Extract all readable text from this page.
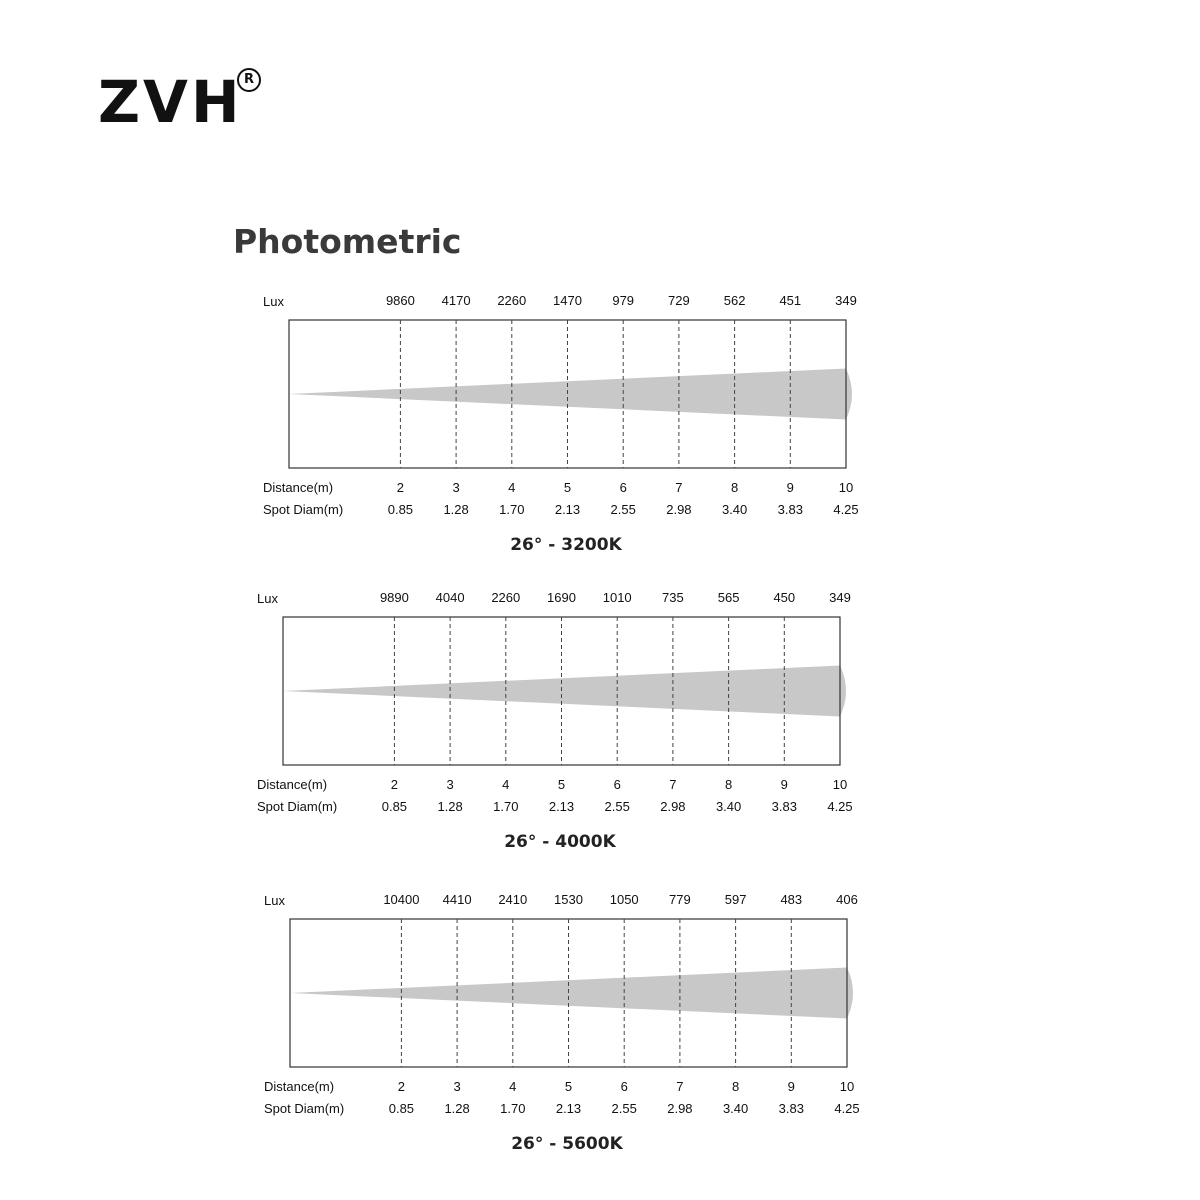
ZVH R
Photometric
Lux
Distance(m)
Spot Diam(m)
26° - 3200K
9860
2
0.85
4170
3
1.28
2260
4
1.70
1470
5
2.13
979
6
2.55
729
7
2.98
562
8
3.40
451
9
3.83
349
10
4.25
Lux
Distance(m)
Spot Diam(m)
26° - 4000K
9890
2
0.85
4040
3
1.28
2260
4
1.70
1690
5
2.13
1010
6
2.55
735
7
2.98
565
8
3.40
450
9
3.83
349
10
4.25
Lux
Distance(m)
Spot Diam(m)
26° - 5600K
10400
2
0.85
4410
3
1.28
2410
4
1.70
1530
5
2.13
1050
6
2.55
779
7
2.98
597
8
3.40
483
9
3.83
406
10
4.25
